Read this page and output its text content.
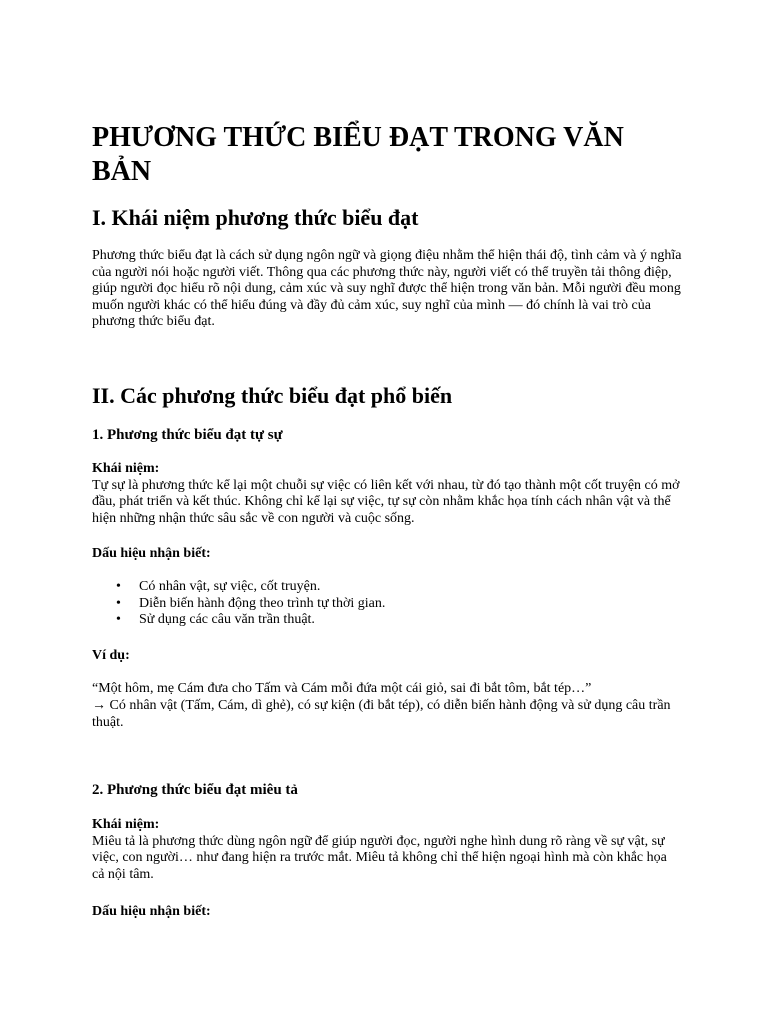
PHƯƠNG THỨC BIỂU ĐẠT TRONG VĂN BẢN
I. Khái niệm phương thức biểu đạt

Phương thức biểu đạt là cách sử dụng ngôn ngữ và giọng điệu nhằm thể hiện thái độ, tình cảm và ý nghĩa của người nói hoặc người viết. Thông qua các phương thức này, người viết có thể truyền tải thông điệp, giúp người đọc hiểu rõ nội dung, cảm xúc và suy nghĩ được thể hiện trong văn bản. Mỗi người đều mong muốn người khác có thể hiểu đúng và đầy đủ cảm xúc, suy nghĩ của mình — đó chính là vai trò của phương thức biểu đạt.

II. Các phương thức biểu đạt phổ biến
1. Phương thức biểu đạt tự sự

Khái niệm:
Tự sự là phương thức kể lại một chuỗi sự việc có liên kết với nhau, từ đó tạo thành một cốt truyện có mở đầu, phát triển và kết thúc. Không chỉ kể lại sự việc, tự sự còn nhằm khắc họa tính cách nhân vật và thể hiện những nhận thức sâu sắc về con người và cuộc sống.

Dấu hiệu nhận biết:

• Có nhân vật, sự việc, cốt truyện.
• Diễn biến hành động theo trình tự thời gian.
• Sử dụng các câu văn trần thuật.

Ví dụ:

“Một hôm, mẹ Cám đưa cho Tấm và Cám mỗi đứa một cái giỏ, sai đi bắt tôm, bắt tép…”

→ Có nhân vật (Tấm, Cám, dì ghẻ), có sự kiện (đi bắt tép), có diễn biến hành động và sử dụng câu trần thuật.

2. Phương thức biểu đạt miêu tả

Khái niệm:
Miêu tả là phương thức dùng ngôn ngữ để giúp người đọc, người nghe hình dung rõ ràng về sự vật, sự việc, con người… như đang hiện ra trước mắt. Miêu tả không chỉ thể hiện ngoại hình mà còn khắc họa cả nội tâm.

Dấu hiệu nhận biết:
